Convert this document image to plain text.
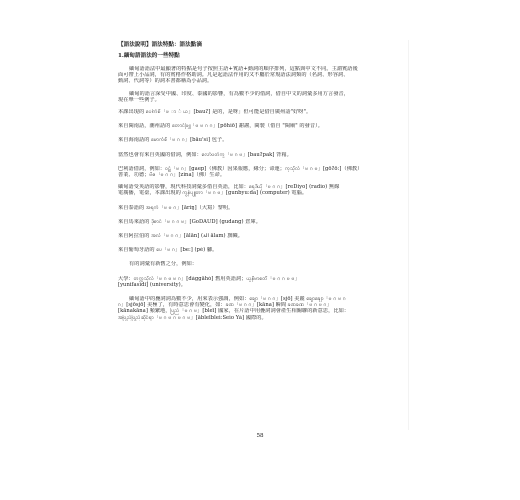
【語法說明】語法特點：語法點滴
1.緬甸語語法的一些特點
緬甸語語法中最顯著的特點是句子按照主語+賓語+動詞的順序排列，這點與中文不同。主謂賓語後
面可帶上小品詞，有的賓格作格助詞。凡是起語法作用的又不屬於常規語法詞類的（名詞、形容詞、
動詞、代詞等）的詞本書都稱為小品詞。
緬甸的語言深受中國、印度、泰國的影響，有為數不少的借詞，借自中文的詞彙多用方言發音，
現在舉一些例子。
本課出現的 ပေါက်စီ「ဖ ာ ် ယ」[bauʔ] 是的，是呀」但可能是借自廣州話"好呀"。
來自閩南話，潮州話的 တောင်ဖြူ「ဗ ဗ ဂ ဂ」[pōhiō] 謝謝，閩製（借自 "閩廟" 的發音）。
來自海南話的 မောက်စီ「ဗ ဂ ဂ」[bāu'si] 包子。
當然也會有來自英國的借詞，例如：လော်ပတ်ကူ「ဗ ဂ ဗ」[bauʔpak] 背箱。
巴利語借詞，例如：ဝဋ်「ဗ ဂ」[gaep]（佛教）因果報應，緣分；命運；ကုသိုလ်「ဗ ဂ ဗ」[gōʔō:]（佛教）
善業、功德；ဗီဇ「ဗ ဂ ဂ」[zina]（佛）生命。
緬甸語受英語的影響，現代科技詞彙多借自英語，比如：ရေဒီယို「ဗ ဂ ဂ」[reDiyo] (radio) 無線
電廣播，電臺，本課出現的 ကွန်ပျူတာ「ဗ ဂ ဗ」[gunbyu:da] (computer) 電腦。
來自泰語的 အရက်「ဗ ဗ ဂ」[āriŋ]（大寫）黎明。
來自馬來語的 ဒိုဓာင်「ဗ ဂ ဂ ဗ」[GoDAUD] (gudang) 倉庫。
來自阿拉伯的 အလံ「ဗ ဂ ဂ」[ālān] (آلة ālam) 旗幟。
來自葡萄牙語的 ပေ「ဗ ဂ」[be:] (pé) 腳。
有的詞彙有新舊之分，例如：
大學：တက္ကသိုလ်「ဗ ဂ ဗ ဗ ဂ」[dàggāhò] 舊用英語詞；ယူနီဗာစတီ「ဗ ဂ ဂ ဗ ဗ」
[yunifasidi] (university)。
緬甸語中的疊詞詞為數不少，用來表示強調，例如：ချော「ဗ ဂ ဂ」[sjō] 美麗 ချောချော「ဗ ဂ ဗ ဂ
ဂ」[sjōsjō] 美極了，有時意思會有變化，如：ခဏ「ဗ ဂ ဂ」[kāna] 瞬間 ခဏခဏ「ဗ ဂ ဗ ဂ」
[kānakāna] 頻繁地，ပြည်「ဗ ဂ ဗ」[bleī] 國家，在片語中用疊詞詞會產生相關聯的新意思，比如：
အပြည်ပြည်ဆိုင်ရာ「ဗ ဂ ဗ ဂ ဗ ဂ ဗ」[ābleīblei:Seio Yà] 國際的。
58
